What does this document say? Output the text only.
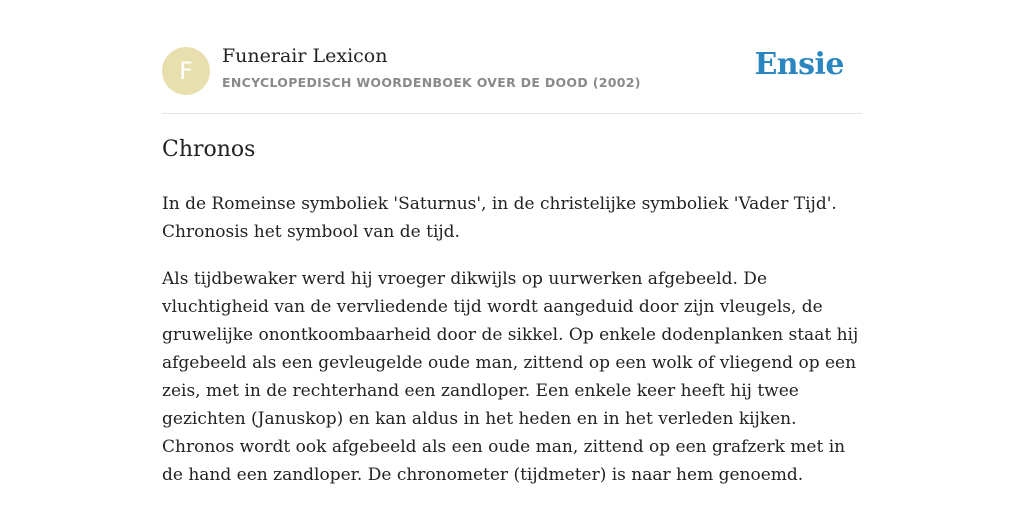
F
Funerair Lexicon
ENCYCLOPEDISCH WOORDENBOEK OVER DE DOOD (2002)
Ensie
Chronos

In de Romeinse symboliek 'Saturnus', in de christelijke symboliek 'Vader Tijd'. Chronosis het symbool van de tijd.

Als tijdbewaker werd hij vroeger dikwijls op uurwerken afgebeeld. De vluchtigheid van de vervliedende tijd wordt aangeduid door zijn vleugels, de gruwelijke onontkoombaarheid door de sikkel. Op enkele dodenplanken staat hij afgebeeld als een gevleugelde oude man, zittend op een wolk of vliegend op een zeis, met in de rechterhand een zandloper. Een enkele keer heeft hij twee gezichten (Januskop) en kan aldus in het heden en in het verleden kijken. Chronos wordt ook afgebeeld als een oude man, zittend op een grafzerk met in de hand een zandloper. De chronometer (tijdmeter) is naar hem genoemd.
